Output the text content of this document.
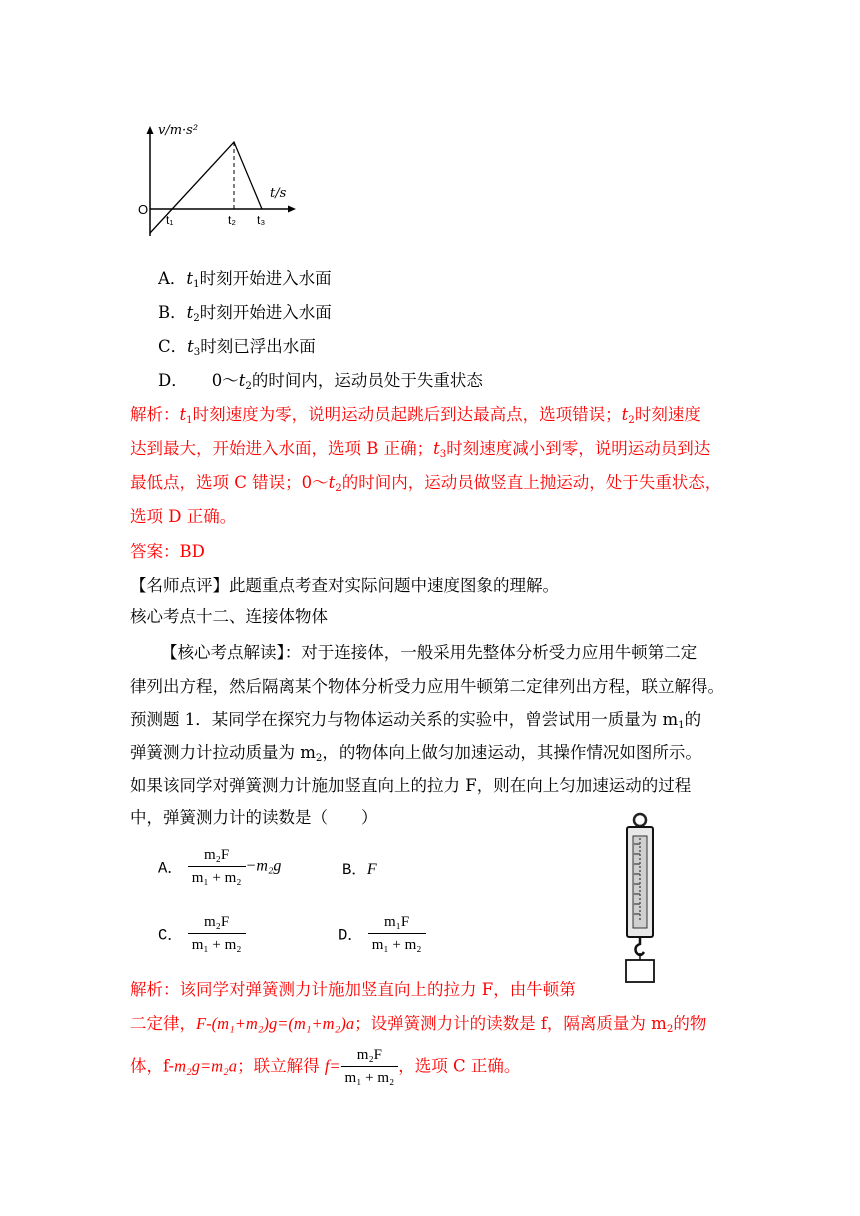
v/m·s²
t/s
O
t₁	t₂ t₃
A．$t_1$时刻开始进入水面
B．$t_2$时刻开始进入水面
C．$t_3$时刻已浮出水面
D． $0\sim t_2$的时间内，运动员处于失重状态
解析：$t_1$时刻速度为零，说明运动员起跳后到达最高点，选项错误；$t_2$时刻速度
达到最大，开始进入水面，选项 B 正确；$t_3$时刻速度减小到零，说明运动员到达
最低点，选项 C 错误；$0\sim t_2$的时间内，运动员做竖直上抛运动，处于失重状态，
选项 D 正确。
答案：BD
【名师点评】此题重点考查对实际问题中速度图象的理解。
核心考点十二、连接体物体
【核心考点解读】：对于连接体，一般采用先整体分析受力应用牛顿第二定
律列出方程，然后隔离某个物体分析受力应用牛顿第二定律列出方程，联立解得。
预测题 1．某同学在探究力与物体运动关系的实验中，曾尝试用一质量为 $m_1$的
弹簧测力计拉动质量为 $m_2$，的物体向上做匀加速运动，其操作情况如图所示。
如果该同学对弹簧测力计施加竖直向上的拉力 F，则在向上匀加速运动的过程
中，弹簧测力计的读数是（　　）
A． $\frac{\text{m₂F}}{\text{m₁ + m₂}} -m_2g$	B．F
C． $\frac{\text{m₂F}}{\text{m₁ + m₂}}$	D． $\frac{\text{m₁F}}{\text{m₁ + m₂}}$
解析：该同学对弹簧测力计施加竖直向上的拉力 F，由牛顿第
二定律，F-(m₁+m₂)g=(m₁+m₂)a；设弹簧测力计的读数是 f，隔离质量为 $m_2$的物
体，f-m₂g=m₂a；联立解得 $f= \frac{\text{m₂F}}{\text{m₁ + m₂}}$ ，选项 C 正确。
